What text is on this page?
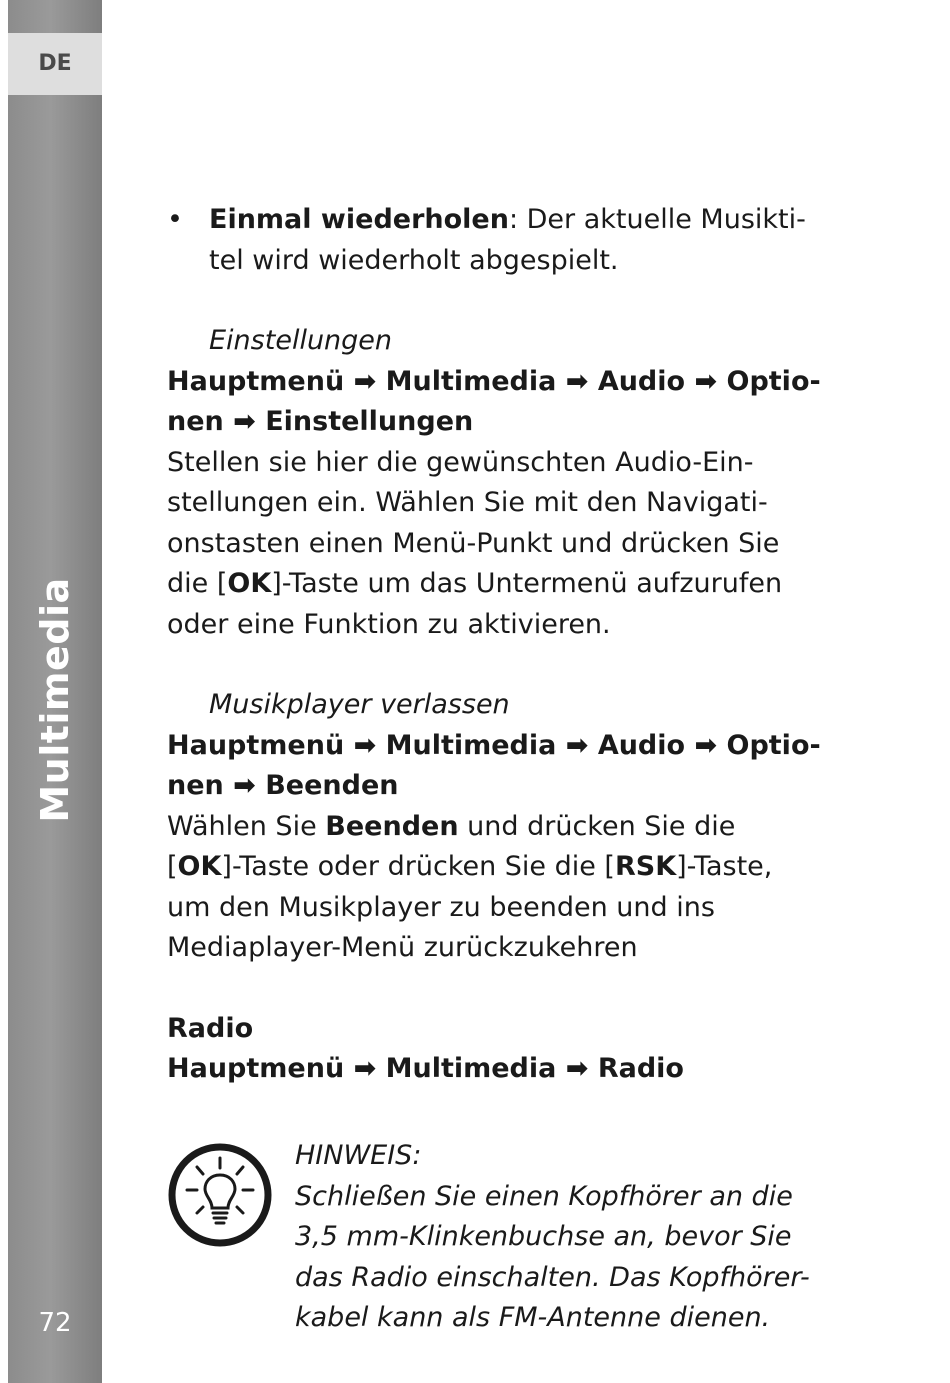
DE
Multimedia
72
• Einmal wiederholen: Der aktuelle Musikti-
tel wird wiederholt abgespielt.
Einstellungen
Hauptmenü ➡ Multimedia ➡ Audio ➡ Optio-
nen ➡ Einstellungen
Stellen sie hier die gewünschten Audio-Ein-
stellungen ein. Wählen Sie mit den Navigati-
onstasten einen Menü-Punkt und drücken Sie
die [OK]-Taste um das Untermenü aufzurufen
oder eine Funktion zu aktivieren.
Musikplayer verlassen
Hauptmenü ➡ Multimedia ➡ Audio ➡ Optio-
nen ➡ Beenden
Wählen Sie Beenden und drücken Sie die
[OK]-Taste oder drücken Sie die [RSK]-Taste,
um den Musikplayer zu beenden und ins
Mediaplayer-Menü zurückzukehren
Radio
Hauptmenü ➡ Multimedia ➡ Radio
HINWEIS:
Schließen Sie einen Kopfhörer an die
3,5 mm-Klinkenbuchse an, bevor Sie
das Radio einschalten. Das Kopfhörer-
kabel kann als FM-Antenne dienen.
